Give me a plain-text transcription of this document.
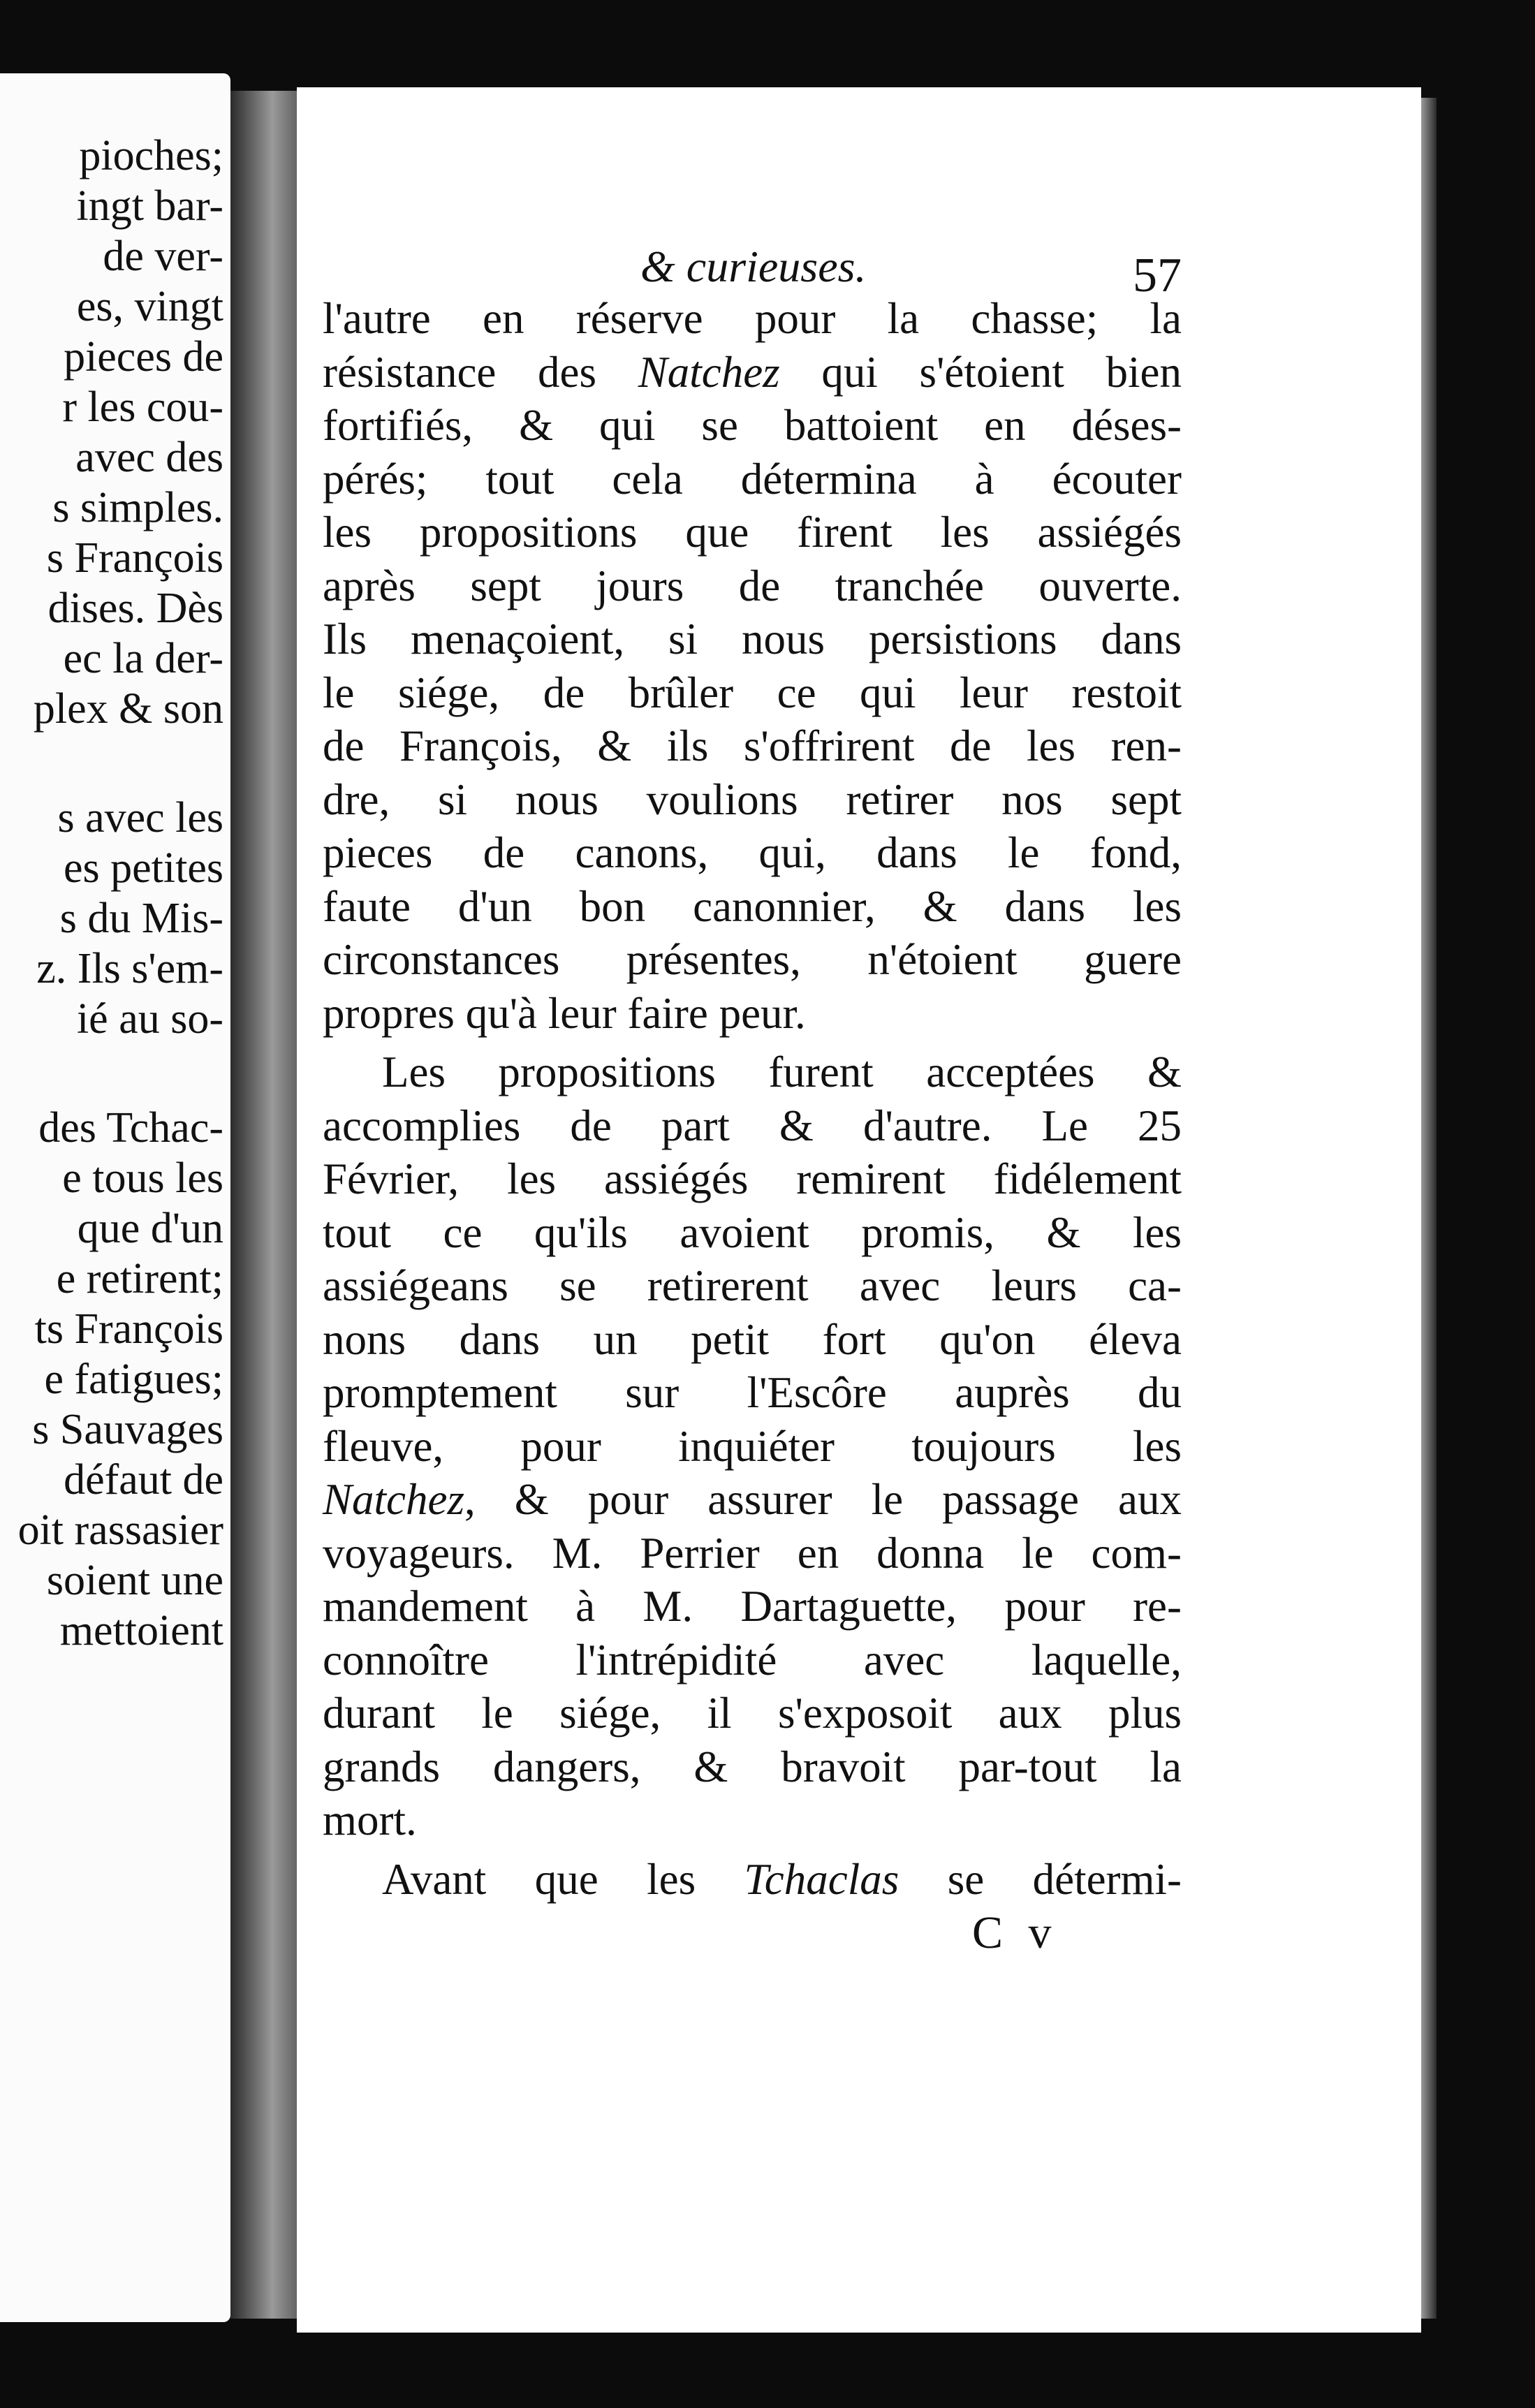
pioches;
ingt bar-
de ver-
es, vingt
pieces de
r les cou-
avec des
s simples.
s François
dises. Dès
ec la der-
plex & son
s avec les
es petites
s du Mis-
z. Ils s'em-
ié au so-
des Tchac-
e tous les
que d'un
e retirent;
ts François
e fatigues;
s Sauvages
défaut de
oit rassasier
soient une
mettoient
& curieuses.	57
l'autre en réserve pour la chasse; la
résistance des Natchez qui s'étoient bien
fortifiés, & qui se battoient en déses-
pérés; tout cela détermina à écouter
les propositions que firent les assiégés
après sept jours de tranchée ouverte.
Ils menaçoient, si nous persistions dans
le siége, de brûler ce qui leur restoit
de François, & ils s'offrirent de les ren-
dre, si nous voulions retirer nos sept
pieces de canons, qui, dans le fond,
faute d'un bon canonnier, & dans les
circonstances présentes, n'étoient guere
propres qu'à leur faire peur.
Les propositions furent acceptées &
accomplies de part & d'autre. Le 25
Février, les assiégés remirent fidélement
tout ce qu'ils avoient promis, & les
assiégeans se retirerent avec leurs ca-
nons dans un petit fort qu'on éleva
promptement sur l'Escôre auprès du
fleuve, pour inquiéter toujours les
Natchez, & pour assurer le passage aux
voyageurs. M. Perrier en donna le com-
mandement à M. Dartaguette, pour re-
connoître l'intrépidité avec laquelle,
durant le siége, il s'exposoit aux plus
grands dangers, & bravoit par-tout la
mort.
Avant que les Tchaclas se détermi-
C v
